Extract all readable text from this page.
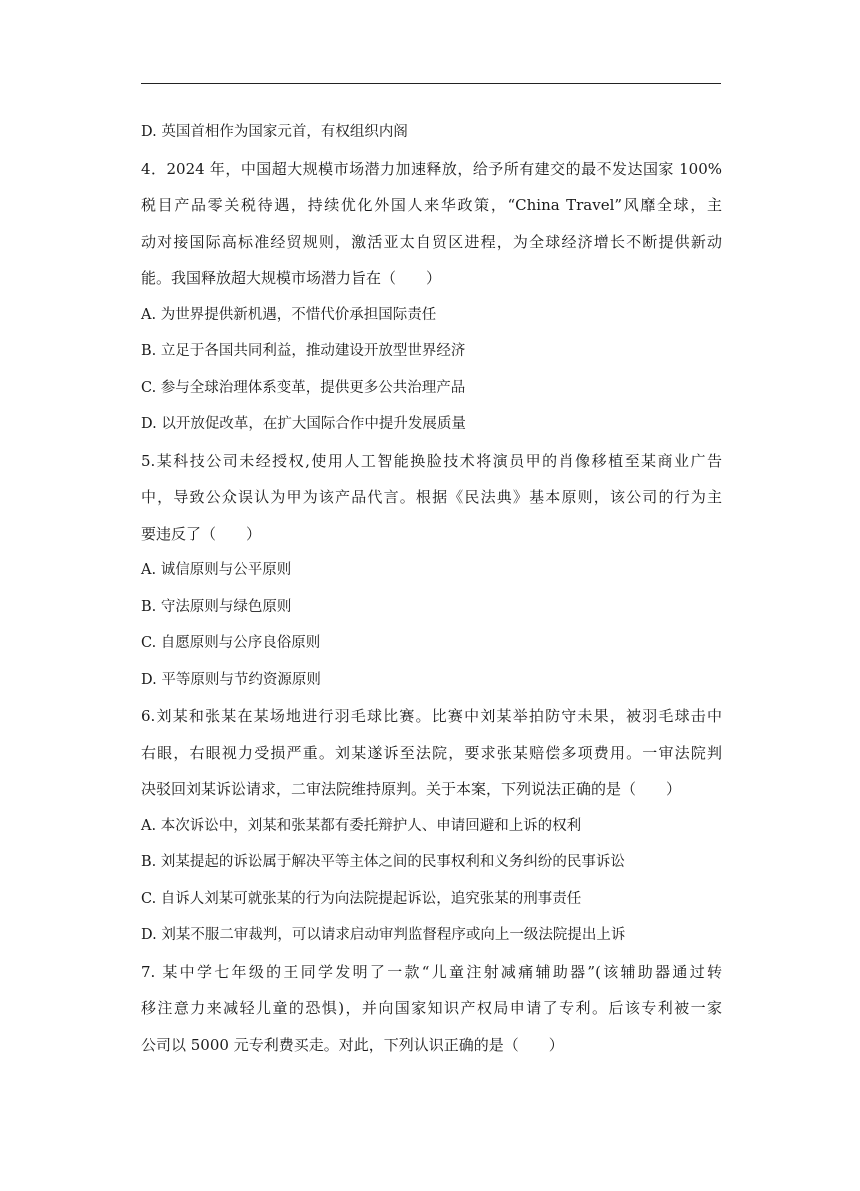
D. 英国首相作为国家元首，有权组织内阁
4．2024 年，中国超大规模市场潜力加速释放，给予所有建交的最不发达国家 100%
税目产品零关税待遇，持续优化外国人来华政策，“China Travel”风靡全球，主
动对接国际高标准经贸规则，激活亚太自贸区进程，为全球经济增长不断提供新动
能。我国释放超大规模市场潜力旨在（　　）
A. 为世界提供新机遇，不惜代价承担国际责任
B. 立足于各国共同利益，推动建设开放型世界经济
C. 参与全球治理体系变革，提供更多公共治理产品
D. 以开放促改革，在扩大国际合作中提升发展质量
5.某科技公司未经授权,使用人工智能换脸技术将演员甲的肖像移植至某商业广告
中，导致公众误认为甲为该产品代言。根据《民法典》基本原则，该公司的行为主
要违反了（　　）
A. 诚信原则与公平原则
B. 守法原则与绿色原则
C. 自愿原则与公序良俗原则
D. 平等原则与节约资源原则
6.刘某和张某在某场地进行羽毛球比赛。比赛中刘某举拍防守未果，被羽毛球击中
右眼，右眼视力受损严重。刘某遂诉至法院，要求张某赔偿多项费用。一审法院判
决驳回刘某诉讼请求，二审法院维持原判。关于本案，下列说法正确的是（　　）
A. 本次诉讼中，刘某和张某都有委托辩护人、申请回避和上诉的权利
B. 刘某提起的诉讼属于解决平等主体之间的民事权利和义务纠纷的民事诉讼
C. 自诉人刘某可就张某的行为向法院提起诉讼，追究张某的刑事责任
D. 刘某不服二审裁判，可以请求启动审判监督程序或向上一级法院提出上诉
7. 某中学七年级的王同学发明了一款“儿童注射减痛辅助器”(该辅助器通过转
移注意力来减轻儿童的恐惧)，并向国家知识产权局申请了专利。后该专利被一家
公司以 5000 元专利费买走。对此，下列认识正确的是（　　）
